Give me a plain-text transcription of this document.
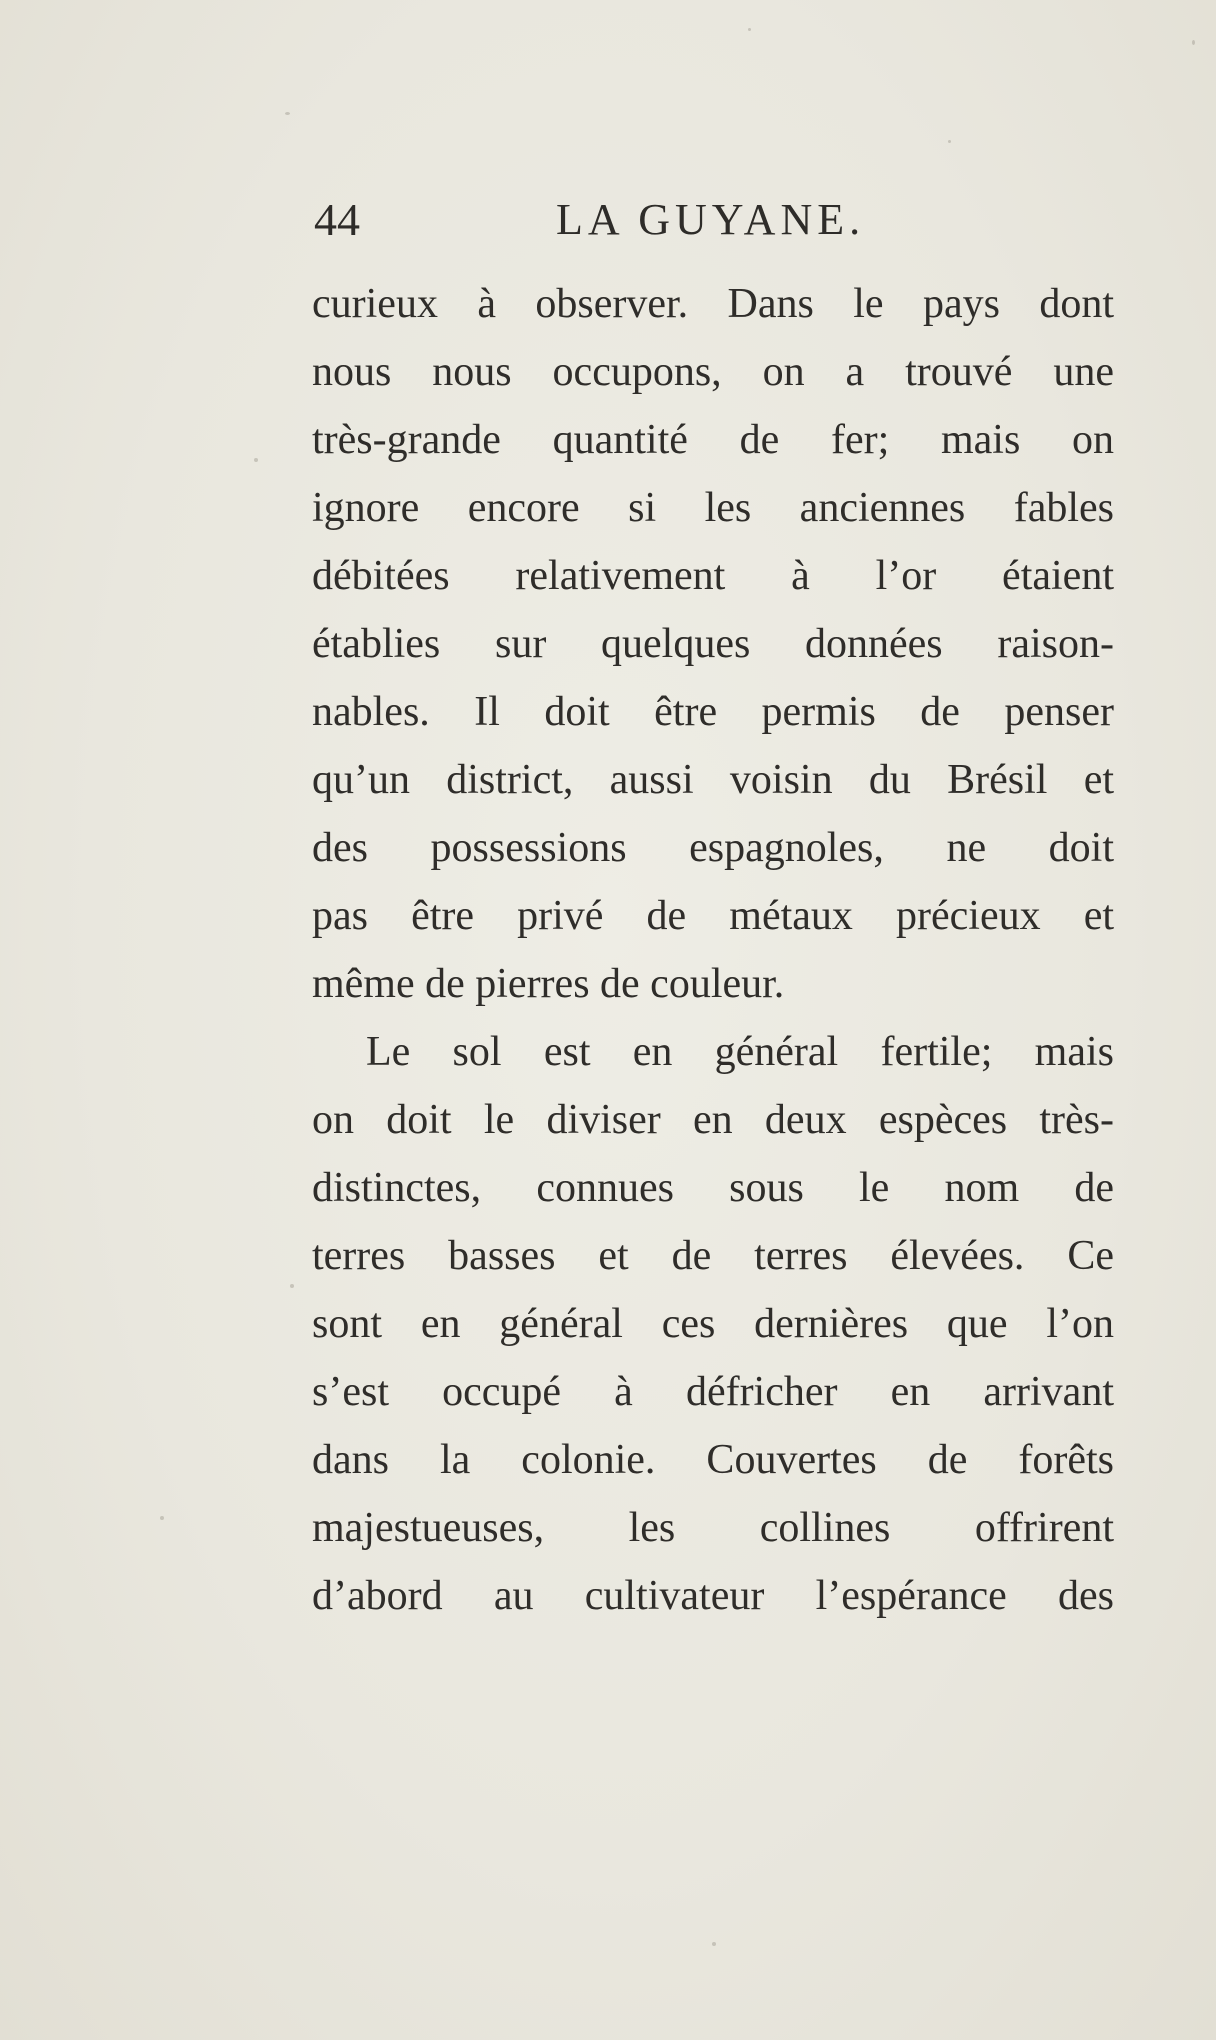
44	LA GUYANE.
curieux à observer. Dans le pays dont
nous nous occupons, on a trouvé une
très-grande quantité de fer; mais on
ignore encore si les anciennes fables
débitées relativement à l’or étaient
établies sur quelques données raison-
nables. Il doit être permis de penser
qu’un district, aussi voisin du Brésil et
des possessions espagnoles, ne doit
pas être privé de métaux précieux et
même de pierres de couleur.
Le sol est en général fertile; mais
on doit le diviser en deux espèces très-
distinctes, connues sous le nom de
terres basses et de terres élevées. Ce
sont en général ces dernières que l’on
s’est occupé à défricher en arrivant
dans la colonie. Couvertes de forêts
majestueuses, les collines offrirent
d’abord au cultivateur l’espérance des
